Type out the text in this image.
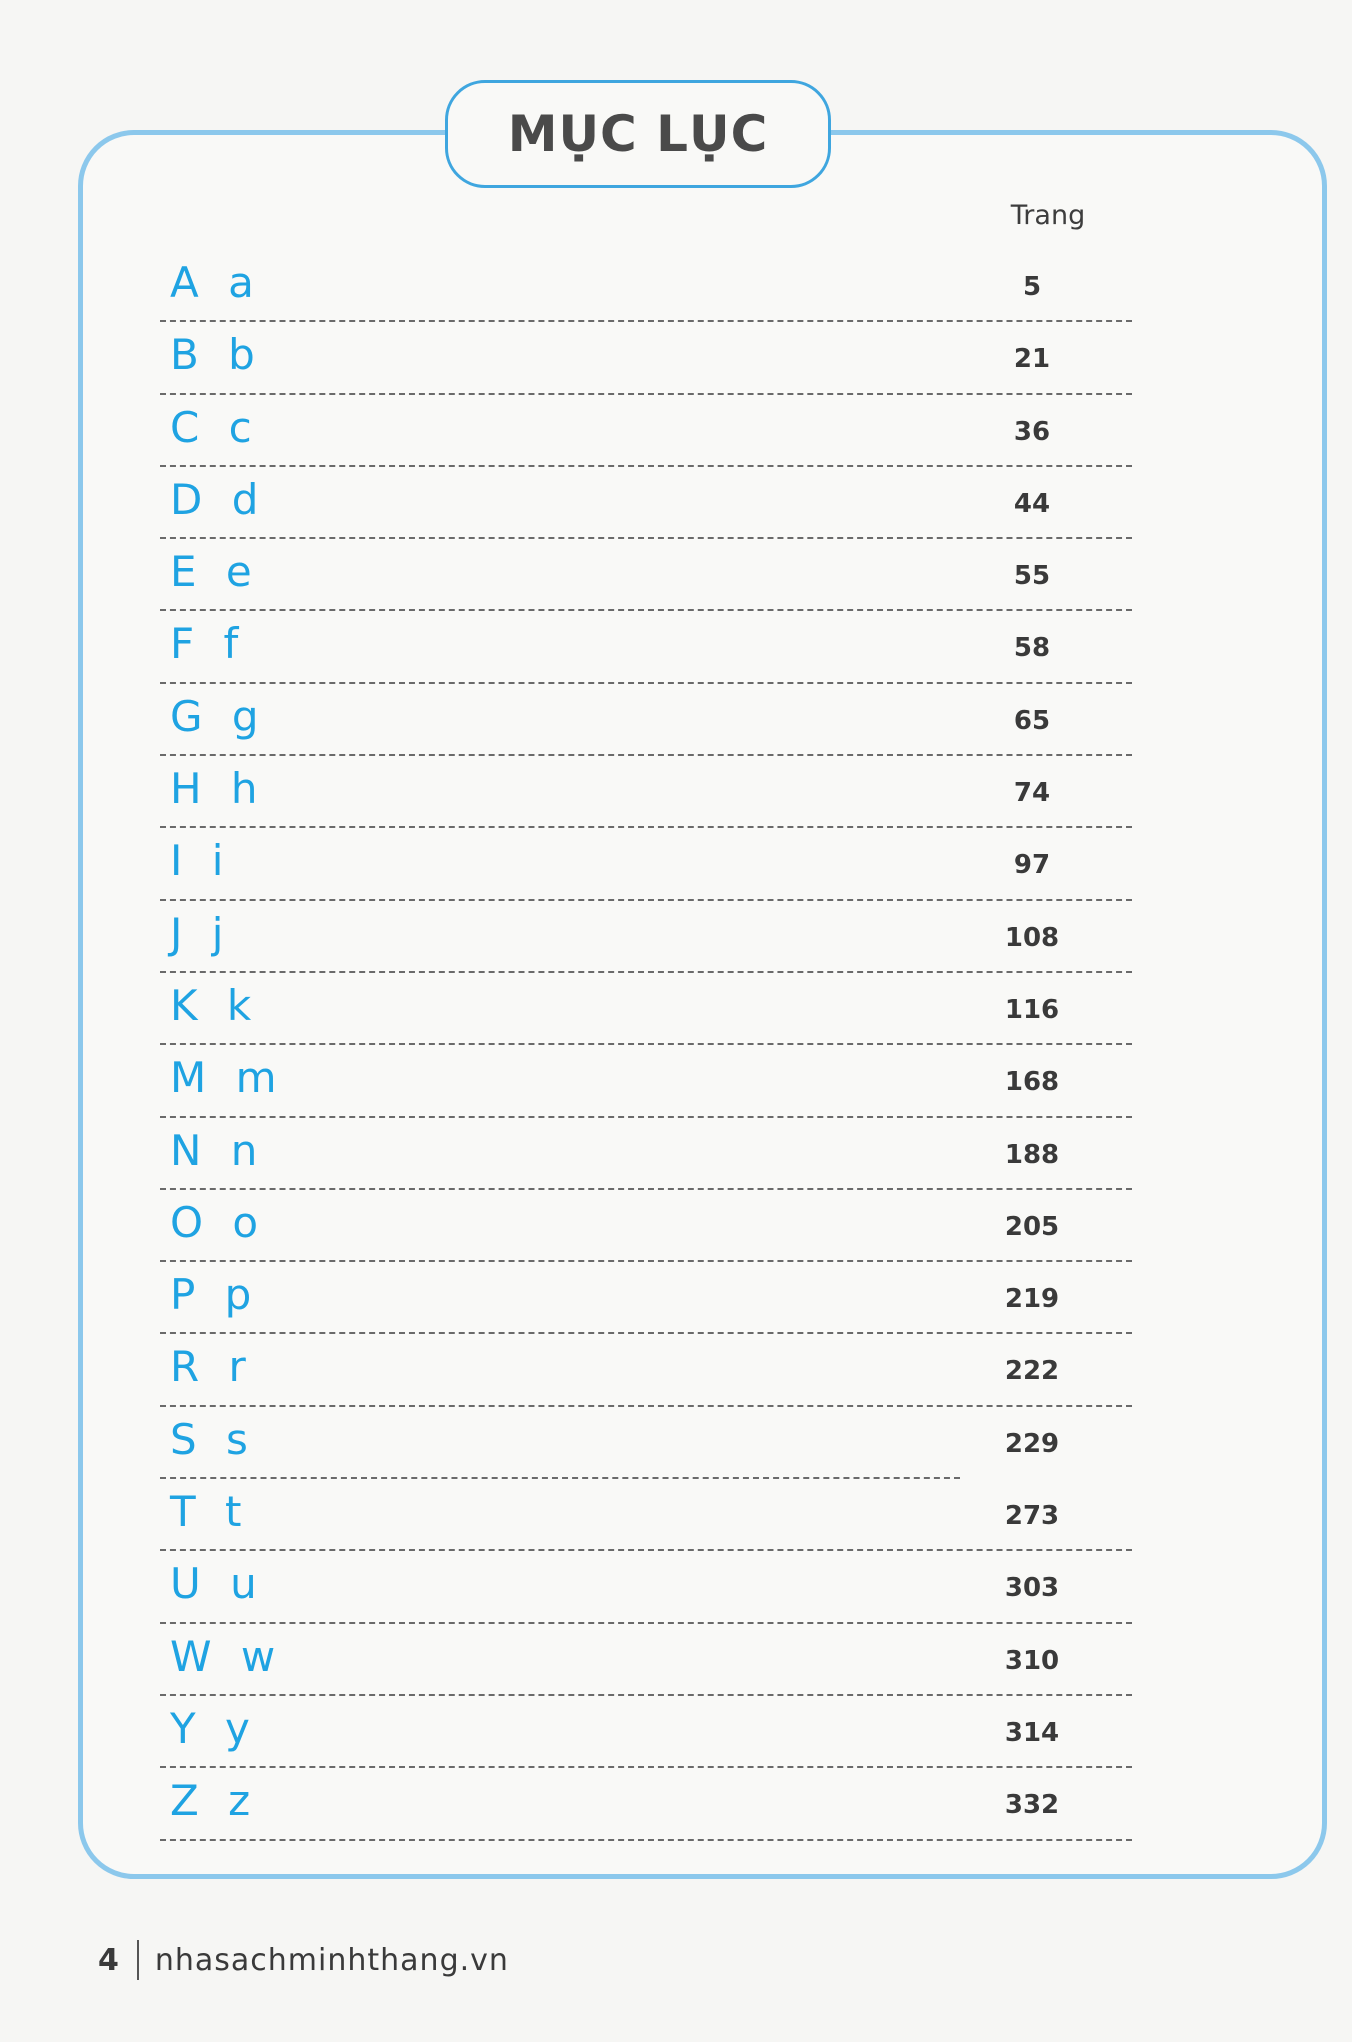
MỤC LỤC
Trang
A a	5
B b	21
C c	36
D d	44
E e	55
F f	58
G g	65
H h	74
I i	97
J j	108
K k	116
M m	168
N n	188
O o	205
P p	219
R r	222
S s	229
T t	273
U u	303
W w	310
Y y	314
Z z	332
4 nhasachminhthang.vn
